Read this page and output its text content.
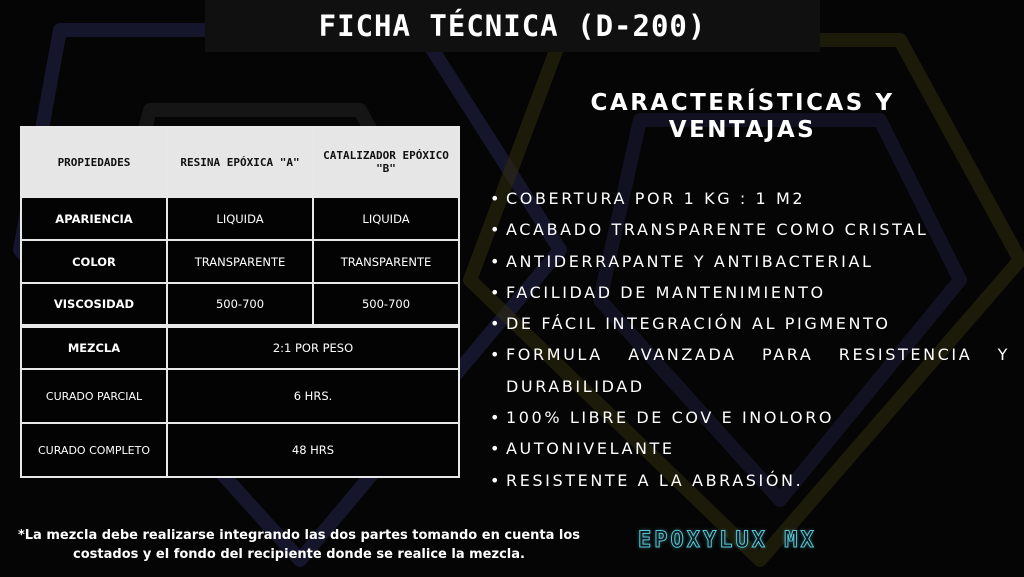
FICHA TÉCNICA (D-200)
PROPIEDADES	RESINA EPÓXICA "A"	CATALIZADOR EPÓXICO "B"
APARIENCIA	LIQUIDA	LIQUIDA
COLOR	TRANSPARENTE	TRANSPARENTE
VISCOSIDAD	500-700	500-700
MEZCLA	2:1 POR PESO	
CURADO PARCIAL	6 HRS.	
CURADO COMPLETO	48 HRS	
CARACTERÍSTICAS Y VENTAJAS
• COBERTURA POR 1 KG : 1 M2
• ACABADO TRANSPARENTE COMO CRISTAL
• ANTIDERRAPANTE Y ANTIBACTERIAL
• FACILIDAD DE MANTENIMIENTO
• DE FÁCIL INTEGRACIÓN AL PIGMENTO
• FORMULA AVANZADA PARA RESISTENCIA Y DURABILIDAD
• 100% LIBRE DE COV E INOLORO
• AUTONIVELANTE
• RESISTENTE A LA ABRASIÓN.
*La mezcla debe realizarse integrando las dos partes tomando en cuenta los costados y el fondo del recipiente donde se realice la mezcla.
EPOXYLUX MX
